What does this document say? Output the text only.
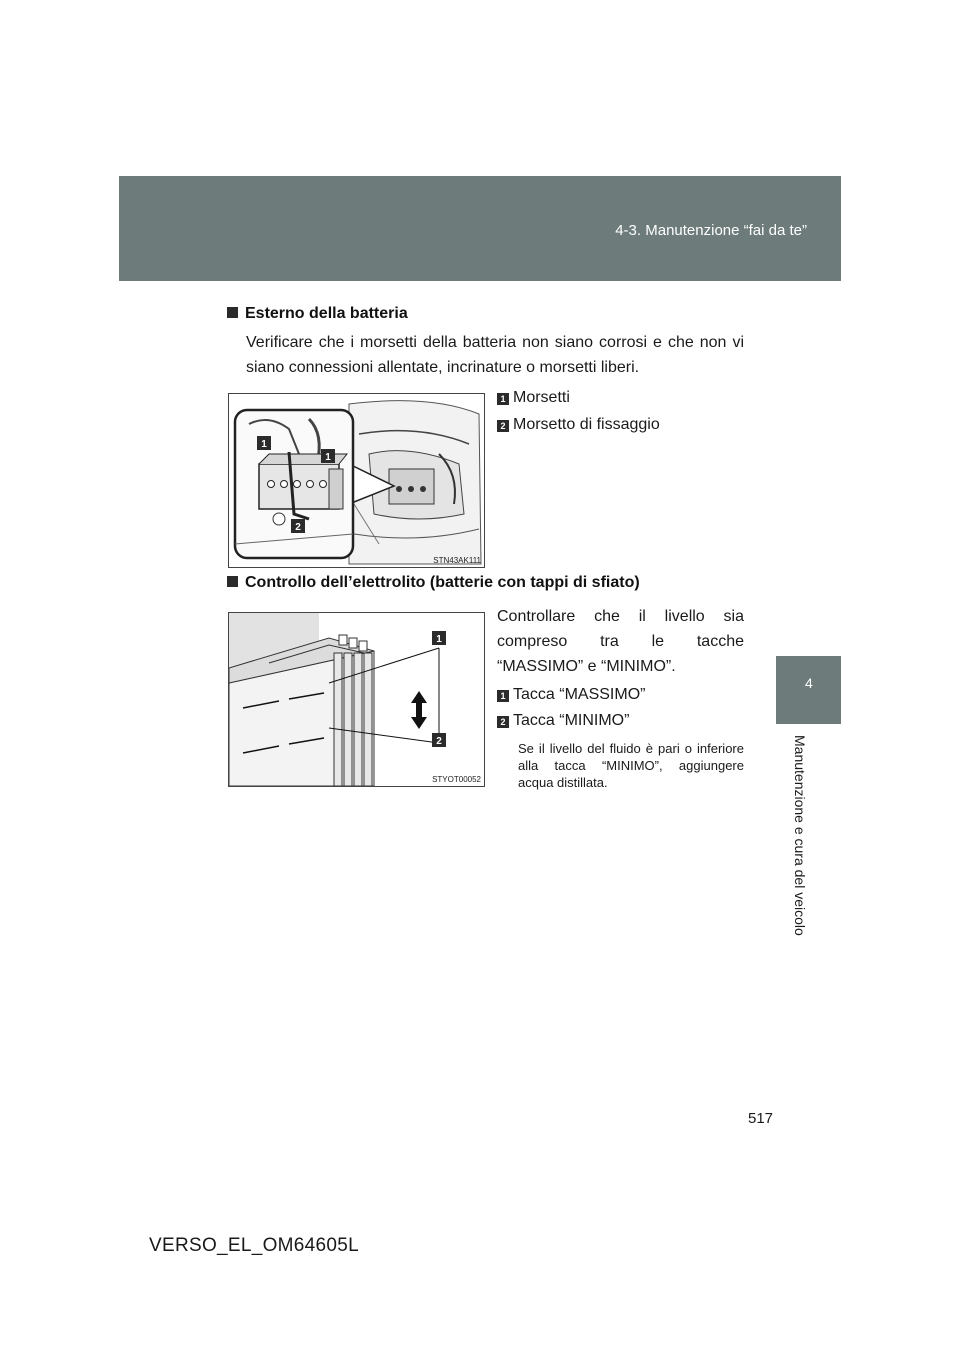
4-3. Manutenzione “fai da te”
4
Manutenzione e cura del veicolo
Esterno della batteria
Verificare che i morsetti della batteria non siano corrosi e che non vi siano connessioni allentate, incrinature o morsetti liberi.
1 Morsetti
2 Morsetto di fissaggio
1
1
2
STN43AK111
Controllo dell’elettrolito (batterie con tappi di sfiato)
Controllare che il livello sia compreso tra le tacche “MASSIMO” e “MINIMO”.
1 Tacca “MASSIMO”
2 Tacca “MINIMO”
Se il livello del fluido è pari o inferiore alla tacca “MINIMO”, aggiungere acqua distillata.
1
2
STYOT00052
517
VERSO_EL_OM64605L
